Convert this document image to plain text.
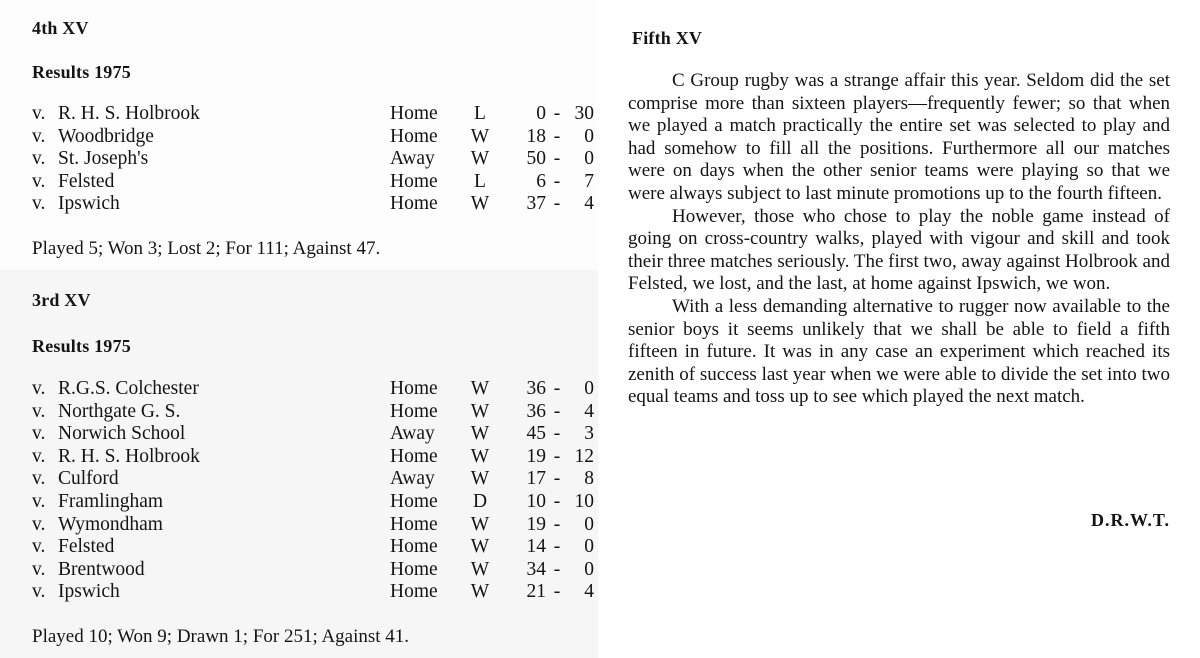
4th XV
Results 1975
v. R. H. S. Holbrook	Home L	0 - 30
v. Woodbridge	Home W	18 -	0
v. St. Joseph's	Away W	50 -	0
v. Felsted	Home L	6 -	7
v. Ipswich	Home W	37 -	4
Played 5; Won 3; Lost 2; For 111; Against 47.
3rd XV
Results 1975
v. R.G.S. Colchester	Home W	36 -	0
v. Northgate G. S.	Home W	36 -	4
v. Norwich School	Away W	45 -	3
v. R. H. S. Holbrook	Home W	19 - 12
v. Culford	Away W	17 -	8
v. Framlingham	Home D	10 - 10
v. Wymondham	Home W	19 -	0
v. Felsted	Home W	14 -	0
v. Brentwood	Home W	34 -	0
v. Ipswich	Home W	21 -	4
Played 10; Won 9; Drawn 1; For 251; Against 41.
Fifth XV

C Group rugby was a strange affair this year. Seldom did the set comprise more than sixteen players—frequently fewer; so that when we played a match practically the entire set was selected to play and had somehow to fill all the positions. Furthermore all our matches were on days when the other senior teams were playing so that we were always subject to last minute promotions up to the fourth fifteen.

However, those who chose to play the noble game instead of going on cross-country walks, played with vigour and skill and took their three matches seriously. The first two, away against Holbrook and Felsted, we lost, and the last, at home against Ipswich, we won.

With a less demanding alternative to rugger now available to the senior boys it seems unlikely that we shall be able to field a fifth fifteen in future. It was in any case an experiment which reached its zenith of success last year when we were able to divide the set into two equal teams and toss up to see which played the next match.

D.R.W.T.
